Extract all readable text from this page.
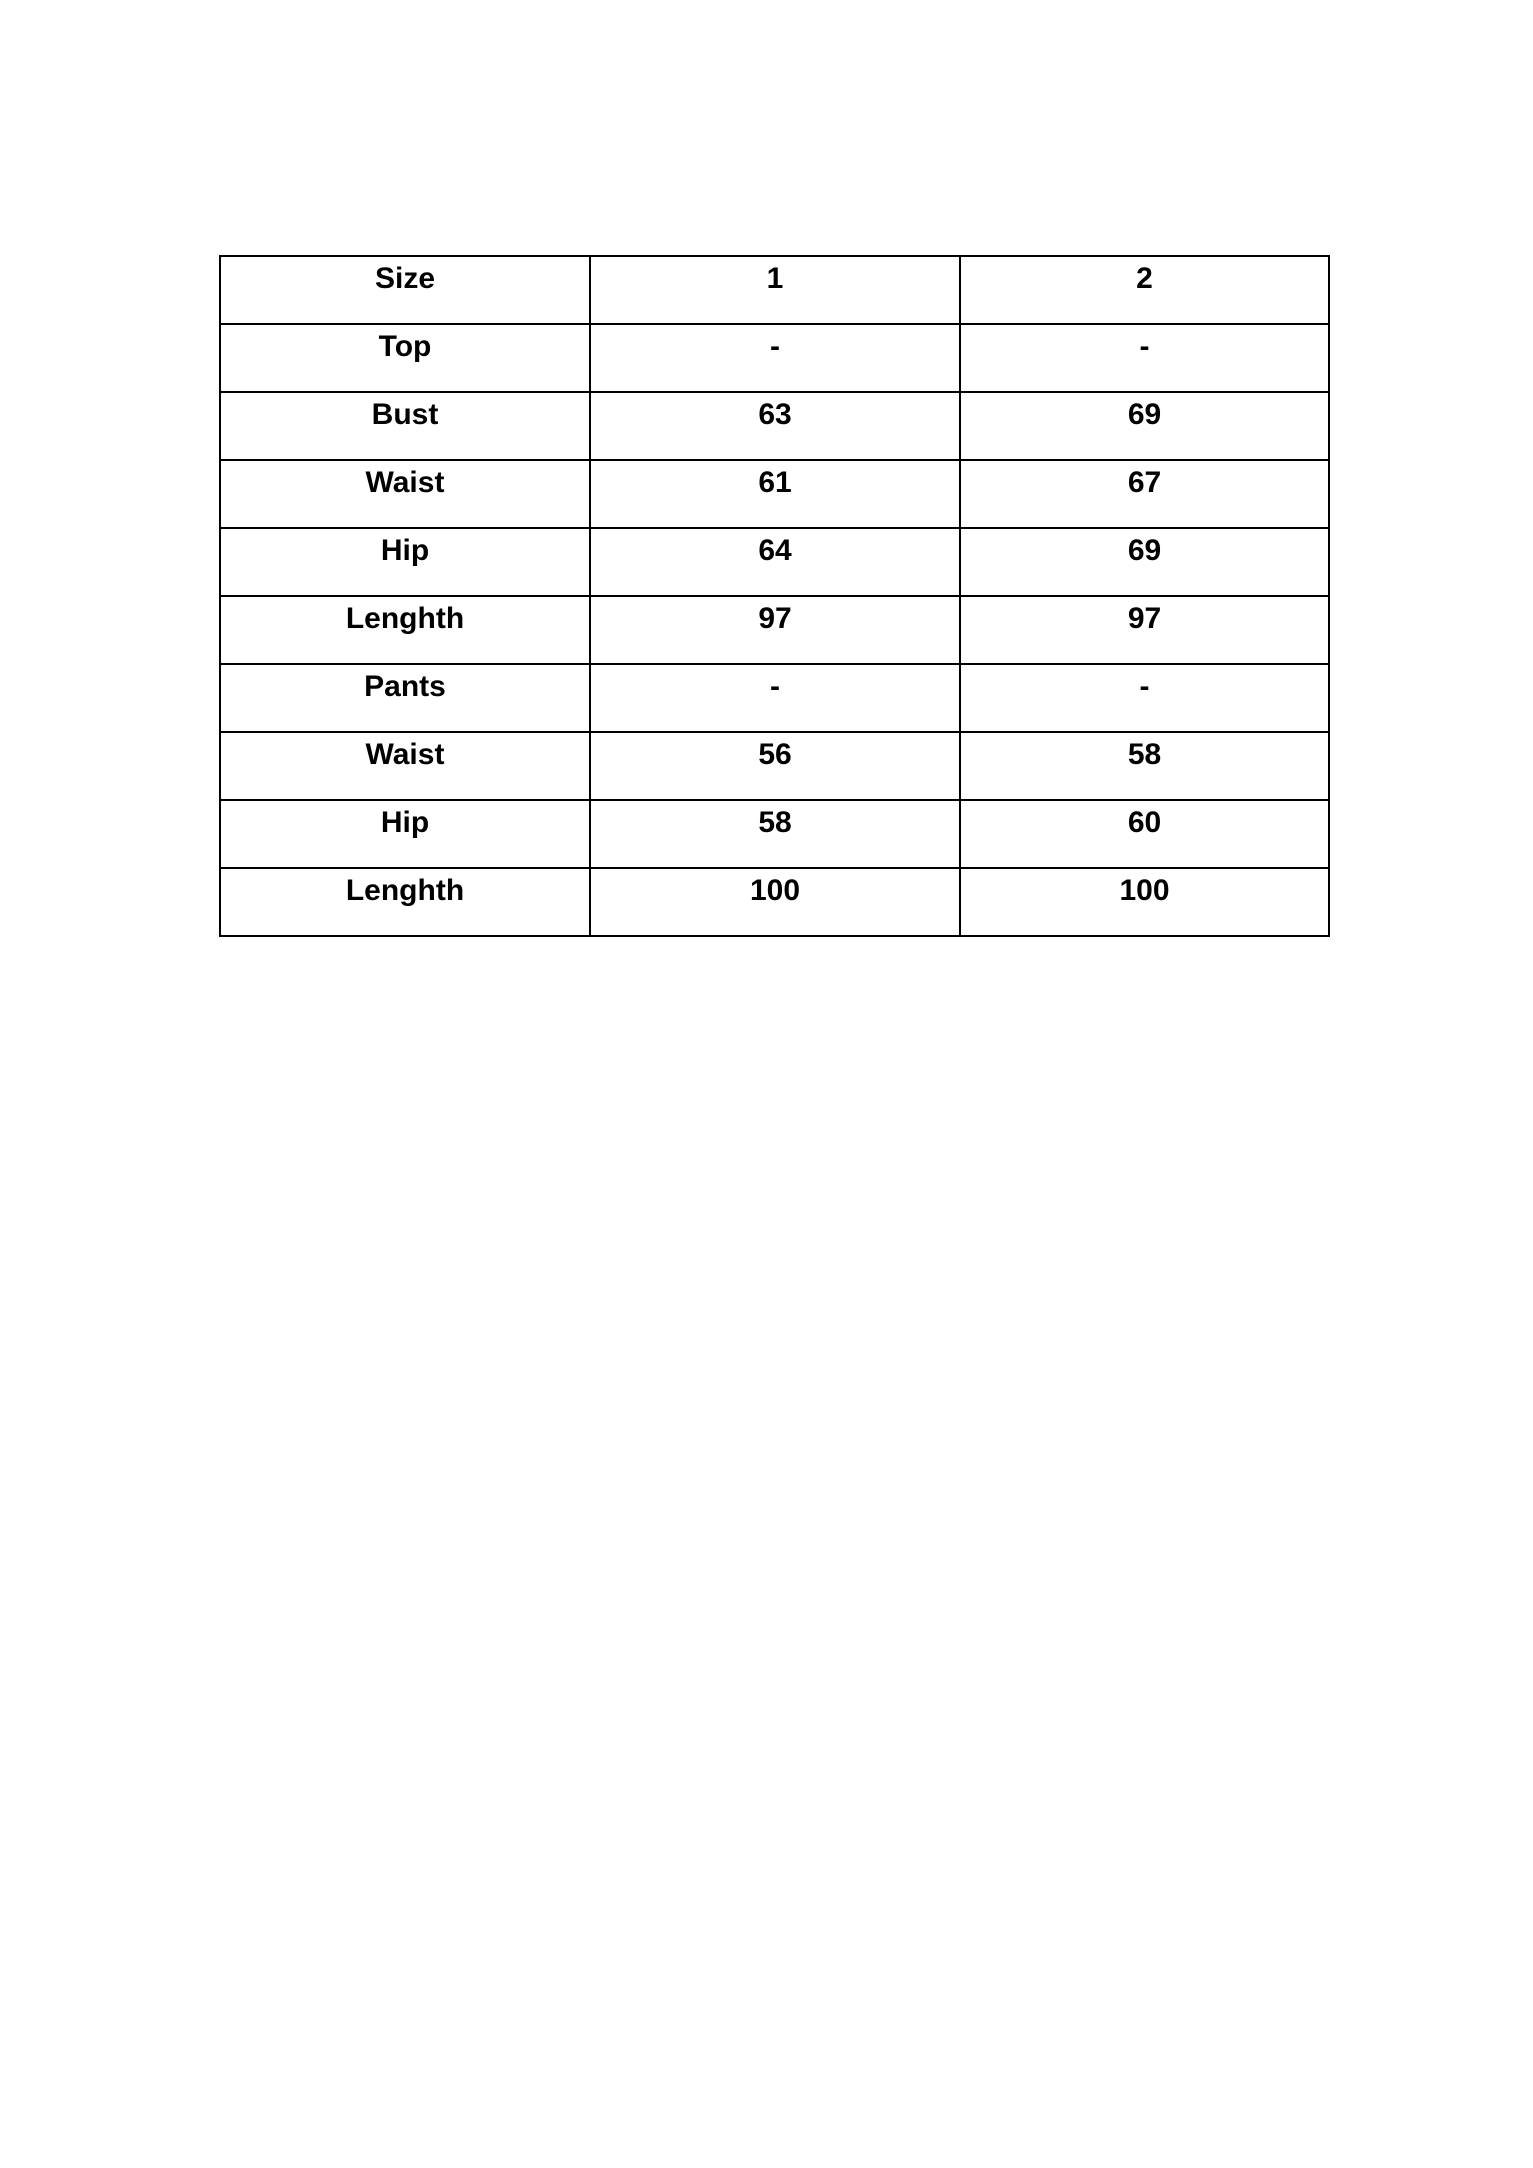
Size	1	2

Top	-	-

Bust	63	69

Waist	61	67

Hip	64	69

Lenghth	97	97

Pants	-	-

Waist	56	58

Hip	58	60

Lenghth	100	100
